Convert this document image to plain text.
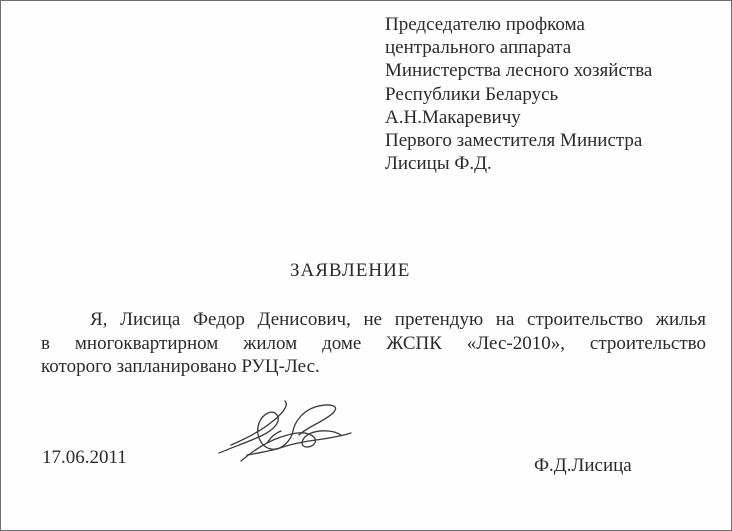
Председателю профкома
центрального аппарата
Министерства лесного хозяйства
Республики Беларусь
А.Н.Макаревичу
Первого заместителя Министра
Лисицы Ф.Д.
ЗАЯВЛЕНИЕ
Я, Лисица Федор Денисович, не претендую на строительство жилья
в многоквартирном жилом доме ЖСПК «Лес-2010», строительство
которого запланировано РУЦ-Лес.
17.06.2011	Ф.Д.Лисица
